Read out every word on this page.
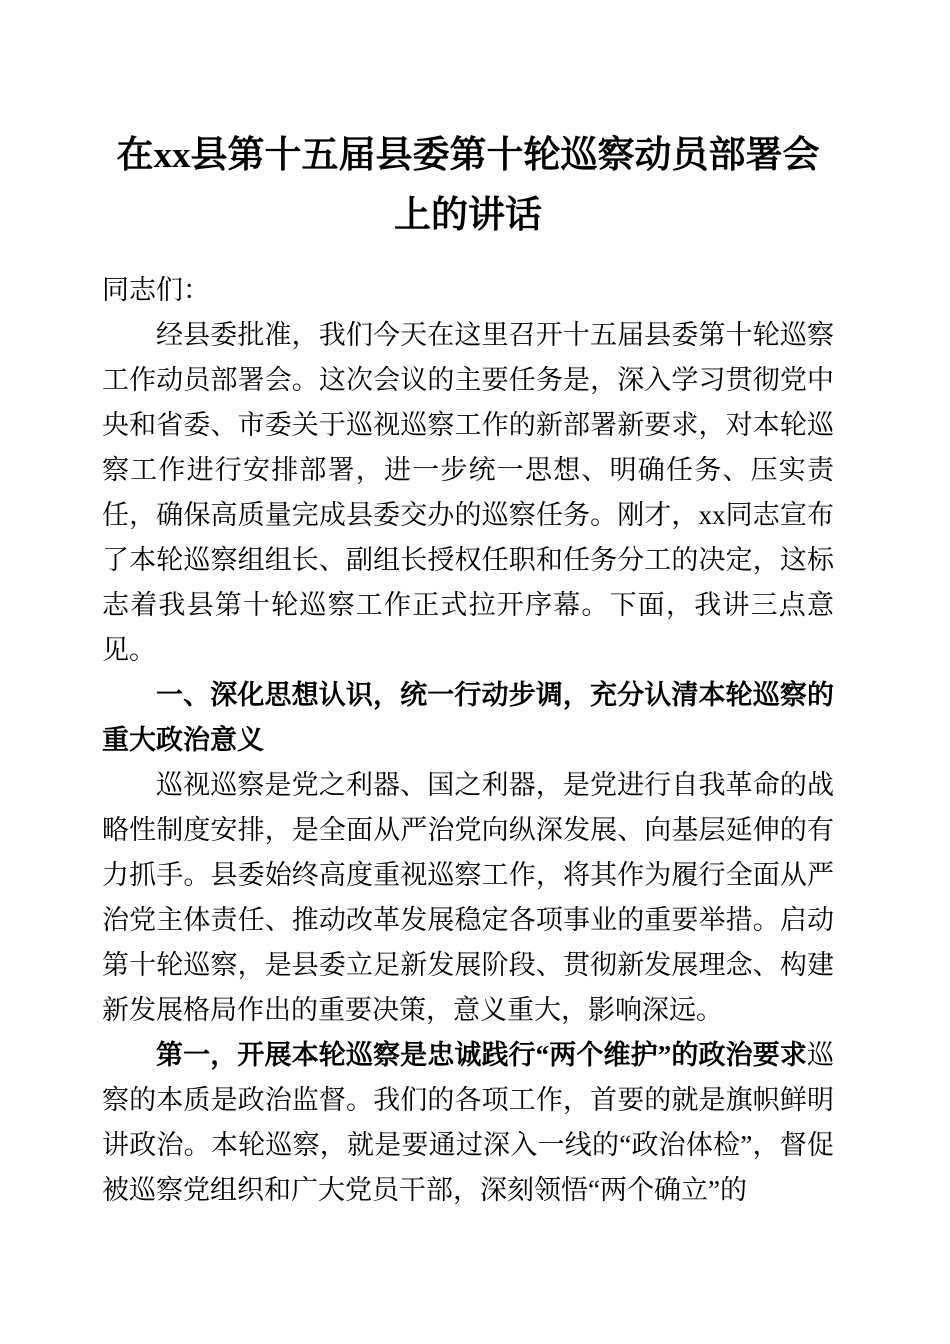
在xx县第十五届县委第十轮巡察动员部署会上的讲话

同志们：

经县委批准，我们今天在这里召开十五届县委第十轮巡察工作动员部署会。这次会议的主要任务是，深入学习贯彻党中央和省委、市委关于巡视巡察工作的新部署新要求，对本轮巡察工作进行安排部署，进一步统一思想、明确任务、压实责任，确保高质量完成县委交办的巡察任务。刚才，xx同志宣布了本轮巡察组组长、副组长授权任职和任务分工的决定，这标志着我县第十轮巡察工作正式拉开序幕。下面，我讲三点意见。

一、深化思想认识，统一行动步调，充分认清本轮巡察的重大政治意义

巡视巡察是党之利器、国之利器，是党进行自我革命的战略性制度安排，是全面从严治党向纵深发展、向基层延伸的有力抓手。县委始终高度重视巡察工作，将其作为履行全面从严治党主体责任、推动改革发展稳定各项事业的重要举措。启动第十轮巡察，是县委立足新发展阶段、贯彻新发展理念、构建新发展格局作出的重要决策，意义重大，影响深远。

第一，开展本轮巡察是忠诚践行“两个维护”的政治要求巡察的本质是政治监督。我们的各项工作，首要的就是旗帜鲜明讲政治。本轮巡察，就是要通过深入一线的“政治体检”，督促被巡察党组织和广大党员干部，深刻领悟“两个确立”的
